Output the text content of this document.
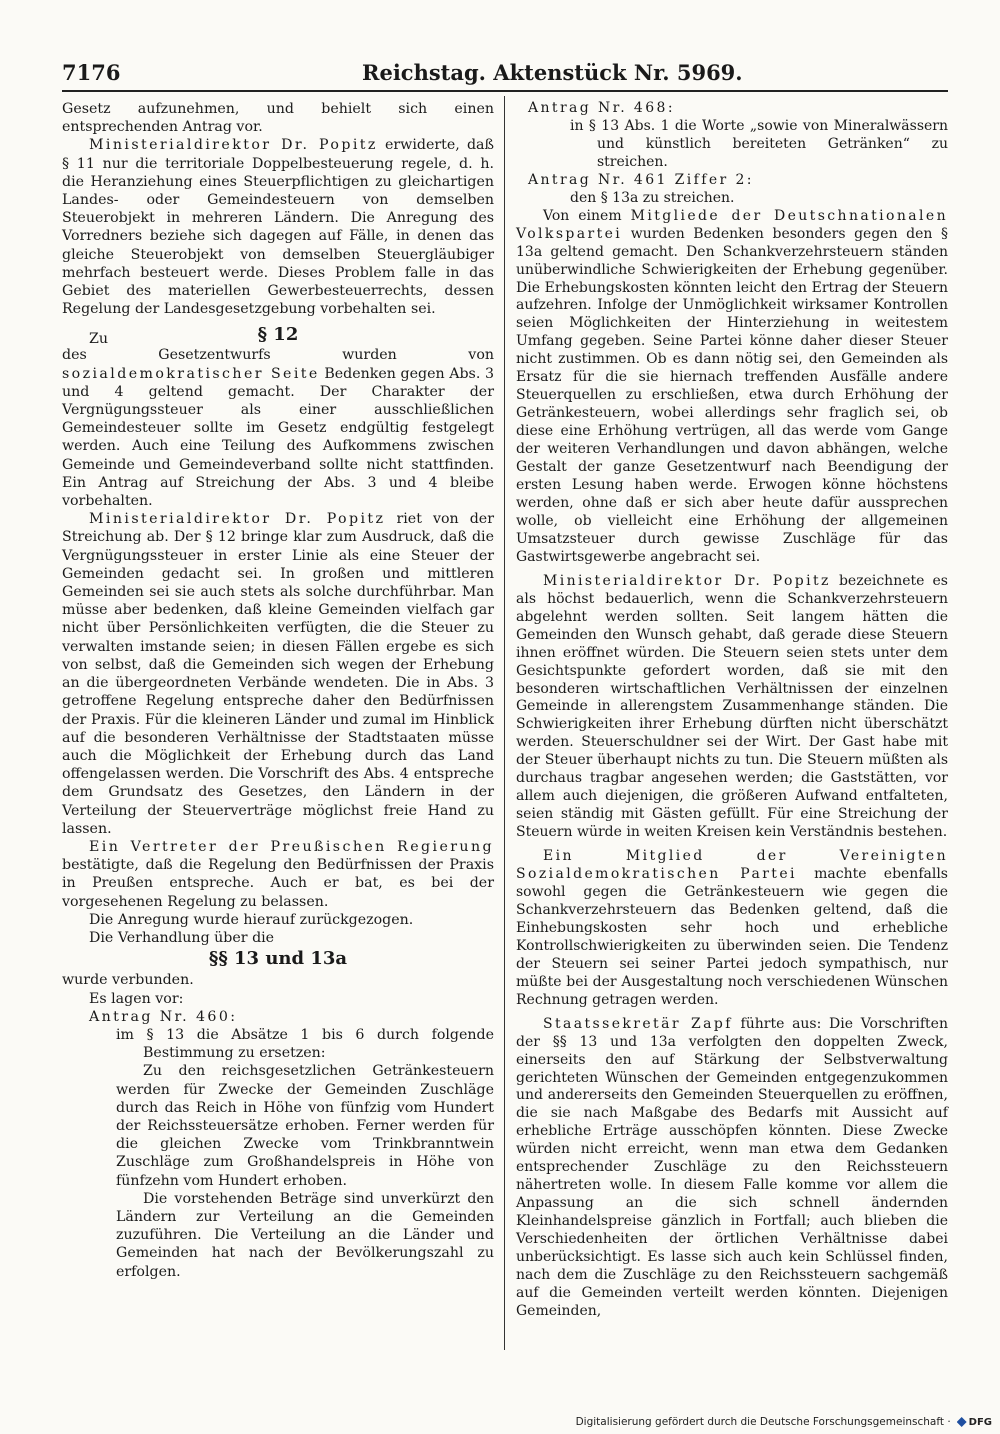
7176	Reichstag. Aktenstück Nr. 5969.

Gesetz aufzunehmen, und behielt sich einen entsprechenden Antrag vor.

Ministerialdirektor Dr. Popitz erwiderte, daß § 11 nur die territoriale Doppelbesteuerung regele, d. h. die Heranziehung eines Steuerpflichtigen zu gleichartigen Landes- oder Gemeindesteuern von demselben Steuerobjekt in mehreren Ländern. Die Anregung des Vorredners beziehe sich dagegen auf Fälle, in denen das gleiche Steuerobjekt von demselben Steuergläubiger mehrfach besteuert werde. Dieses Problem falle in das Gebiet des materiellen Gewerbesteuerrechts, dessen Regelung der Landesgesetzgebung vorbehalten sei.

Zu	§ 12

des Gesetzentwurfs wurden von sozialdemokratischer Seite Bedenken gegen Abs. 3 und 4 geltend gemacht. Der Charakter der Vergnügungssteuer als einer ausschließlichen Gemeindesteuer sollte im Gesetz endgültig festgelegt werden. Auch eine Teilung des Aufkommens zwischen Gemeinde und Gemeindeverband sollte nicht stattfinden. Ein Antrag auf Streichung der Abs. 3 und 4 bleibe vorbehalten.

Ministerialdirektor Dr. Popitz riet von der Streichung ab. Der § 12 bringe klar zum Ausdruck, daß die Vergnügungssteuer in erster Linie als eine Steuer der Gemeinden gedacht sei. In großen und mittleren Gemeinden sei sie auch stets als solche durchführbar. Man müsse aber bedenken, daß kleine Gemeinden vielfach gar nicht über Persönlichkeiten verfügten, die die Steuer zu verwalten imstande seien; in diesen Fällen ergebe es sich von selbst, daß die Gemeinden sich wegen der Erhebung an die übergeordneten Verbände wendeten. Die in Abs. 3 getroffene Regelung entspreche daher den Bedürfnissen der Praxis. Für die kleineren Länder und zumal im Hinblick auf die besonderen Verhältnisse der Stadtstaaten müsse auch die Möglichkeit der Erhebung durch das Land offengelassen werden. Die Vorschrift des Abs. 4 entspreche dem Grundsatz des Gesetzes, den Ländern in der Verteilung der Steuerverträge möglichst freie Hand zu lassen.

Ein Vertreter der Preußischen Regierung bestätigte, daß die Regelung den Bedürfnissen der Praxis in Preußen entspreche. Auch er bat, es bei der vorgesehenen Regelung zu belassen.

Die Anregung wurde hierauf zurückgezogen.

Die Verhandlung über die

§§ 13 und 13a

wurde verbunden.

Es lagen vor:

Antrag Nr. 460:

im § 13 die Absätze 1 bis 6 durch folgende Bestimmung zu ersetzen:

Zu den reichsgesetzlichen Getränkesteuern werden für Zwecke der Gemeinden Zuschläge durch das Reich in Höhe von fünfzig vom Hundert der Reichssteuersätze erhoben. Ferner werden für die gleichen Zwecke vom Trinkbranntwein Zuschläge zum Großhandelspreis in Höhe von fünfzehn vom Hundert erhoben.

Die vorstehenden Beträge sind unverkürzt den Ländern zur Verteilung an die Gemeinden zuzuführen. Die Verteilung an die Länder und Gemeinden hat nach der Bevölkerungszahl zu erfolgen.

Antrag Nr. 468:

in § 13 Abs. 1 die Worte „sowie von Mineralwässern und künstlich bereiteten Getränken“ zu streichen.

Antrag Nr. 461 Ziffer 2:

den § 13a zu streichen.

Von einem Mitgliede der Deutschnationalen Volkspartei wurden Bedenken besonders gegen den § 13a geltend gemacht. Den Schankverzehrsteuern ständen unüberwindliche Schwierigkeiten der Erhebung gegenüber. Die Erhebungskosten könnten leicht den Ertrag der Steuern aufzehren. Infolge der Unmöglichkeit wirksamer Kontrollen seien Möglichkeiten der Hinterziehung in weitestem Umfang gegeben. Seine Partei könne daher dieser Steuer nicht zustimmen. Ob es dann nötig sei, den Gemeinden als Ersatz für die sie hiernach treffenden Ausfälle andere Steuerquellen zu erschließen, etwa durch Erhöhung der Getränkesteuern, wobei allerdings sehr fraglich sei, ob diese eine Erhöhung vertrügen, all das werde vom Gange der weiteren Verhandlungen und davon abhängen, welche Gestalt der ganze Gesetzentwurf nach Beendigung der ersten Lesung haben werde. Erwogen könne höchstens werden, ohne daß er sich aber heute dafür aussprechen wolle, ob vielleicht eine Erhöhung der allgemeinen Umsatzsteuer durch gewisse Zuschläge für das Gastwirtsgewerbe angebracht sei.

Ministerialdirektor Dr. Popitz bezeichnete es als höchst bedauerlich, wenn die Schankverzehrsteuern abgelehnt werden sollten. Seit langem hätten die Gemeinden den Wunsch gehabt, daß gerade diese Steuern ihnen eröffnet würden. Die Steuern seien stets unter dem Gesichtspunkte gefordert worden, daß sie mit den besonderen wirtschaftlichen Verhältnissen der einzelnen Gemeinde in allerengstem Zusammenhange ständen. Die Schwierigkeiten ihrer Erhebung dürften nicht überschätzt werden. Steuerschuldner sei der Wirt. Der Gast habe mit der Steuer überhaupt nichts zu tun. Die Steuern müßten als durchaus tragbar angesehen werden; die Gaststätten, vor allem auch diejenigen, die größeren Aufwand entfalteten, seien ständig mit Gästen gefüllt. Für eine Streichung der Steuern würde in weiten Kreisen kein Verständnis bestehen.

Ein Mitglied der Vereinigten Sozialdemokratischen Partei machte ebenfalls sowohl gegen die Getränkesteuern wie gegen die Schankverzehrsteuern das Bedenken geltend, daß die Einhebungskosten sehr hoch und erhebliche Kontrollschwierigkeiten zu überwinden seien. Die Tendenz der Steuern sei seiner Partei jedoch sympathisch, nur müßte bei der Ausgestaltung noch verschiedenen Wünschen Rechnung getragen werden.

Staatssekretär Zapf führte aus: Die Vorschriften der §§ 13 und 13a verfolgten den doppelten Zweck, einerseits den auf Stärkung der Selbstverwaltung gerichteten Wünschen der Gemeinden entgegenzukommen und andererseits den Gemeinden Steuerquellen zu eröffnen, die sie nach Maßgabe des Bedarfs mit Aussicht auf erhebliche Erträge ausschöpfen könnten. Diese Zwecke würden nicht erreicht, wenn man etwa dem Gedanken entsprechender Zuschläge zu den Reichssteuern nähertreten wolle. In diesem Falle komme vor allem die Anpassung an die sich schnell ändernden Kleinhandelspreise gänzlich in Fortfall; auch blieben die Verschiedenheiten der örtlichen Verhältnisse dabei unberücksichtigt. Es lasse sich auch kein Schlüssel finden, nach dem die Zuschläge zu den Reichssteuern sachgemäß auf die Gemeinden verteilt werden könnten. Diejenigen Gemeinden,

Digitalisierung gefördert durch die Deutsche Forschungsgemeinschaft · DFG
